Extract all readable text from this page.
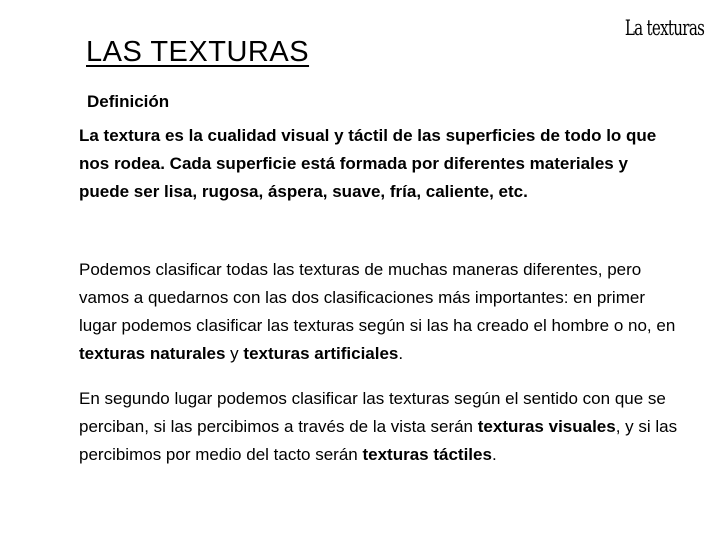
La texturas
LAS TEXTURAS
Definición

La textura es la cualidad visual y táctil de las superficies de todo lo que nos rodea. Cada superficie está formada por diferentes materiales y puede ser lisa, rugosa, áspera, suave, fría, caliente, etc.

Podemos clasificar todas las texturas de muchas maneras diferentes, pero vamos a quedarnos con las dos clasificaciones más importantes: en primer lugar podemos clasificar las texturas según si las ha creado el hombre o no, en texturas naturales y texturas artificiales.

En segundo lugar podemos clasificar las texturas según el sentido con que se perciban, si las percibimos a través de la vista serán texturas visuales, y si las percibimos por medio del tacto serán texturas táctiles.
